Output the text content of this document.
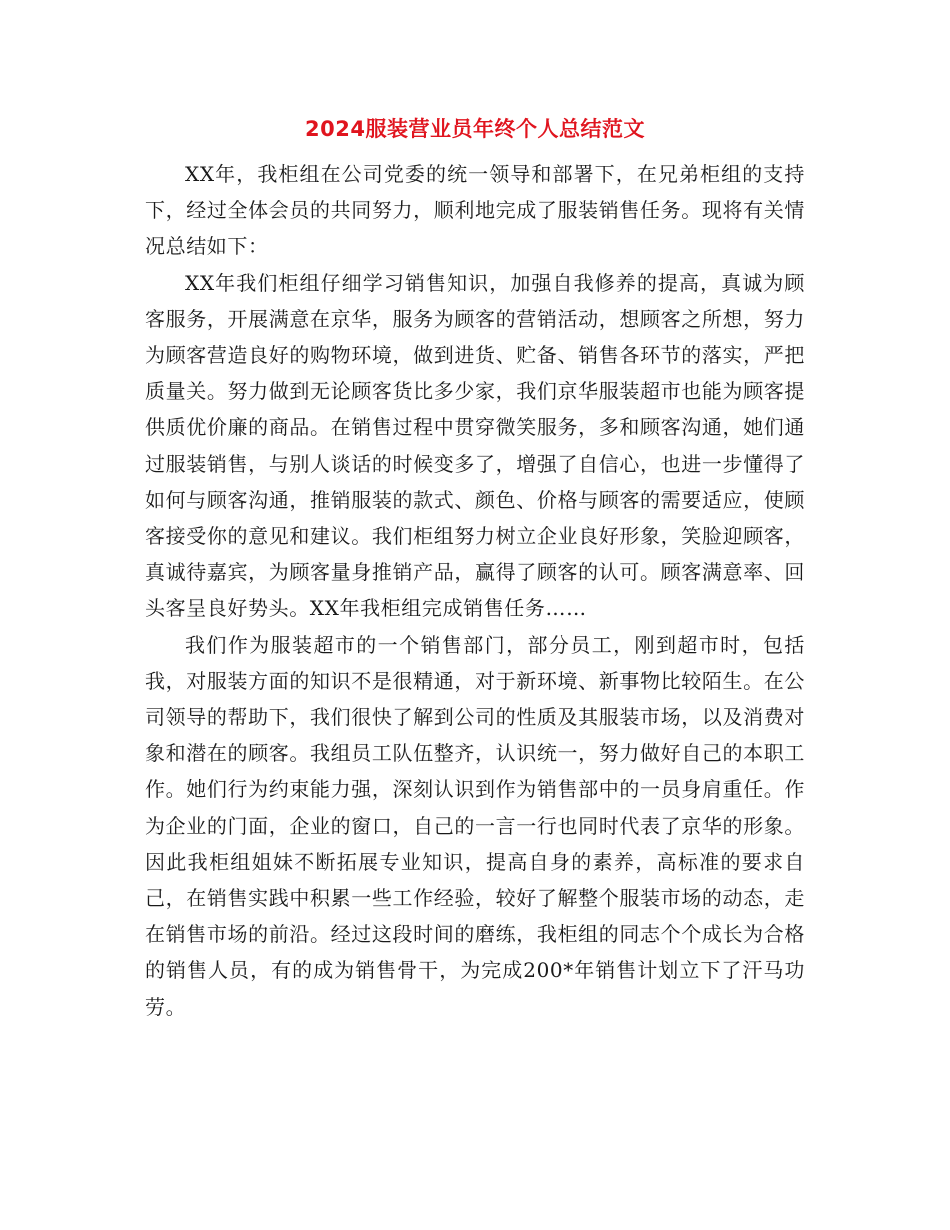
2024服装营业员年终个人总结范文

XX年，我柜组在公司党委的统一领导和部署下，在兄弟柜组的支持下，经过全体会员的共同努力，顺利地完成了服装销售任务。现将有关情况总结如下：

XX年我们柜组仔细学习销售知识，加强自我修养的提高，真诚为顾客服务，开展满意在京华，服务为顾客的营销活动，想顾客之所想，努力为顾客营造良好的购物环境，做到进货、贮备、销售各环节的落实，严把质量关。努力做到无论顾客货比多少家，我们京华服装超市也能为顾客提供质优价廉的商品。在销售过程中贯穿微笑服务，多和顾客沟通，她们通过服装销售，与别人谈话的时候变多了，增强了自信心，也进一步懂得了如何与顾客沟通，推销服装的款式、颜色、价格与顾客的需要适应，使顾客接受你的意见和建议。我们柜组努力树立企业良好形象，笑脸迎顾客，真诚待嘉宾，为顾客量身推销产品，赢得了顾客的认可。顾客满意率、回头客呈良好势头。XX年我柜组完成销售任务……

我们作为服装超市的一个销售部门，部分员工，刚到超市时，包括我，对服装方面的知识不是很精通，对于新环境、新事物比较陌生。在公司领导的帮助下，我们很快了解到公司的性质及其服装市场，以及消费对象和潜在的顾客。我组员工队伍整齐，认识统一，努力做好自己的本职工作。她们行为约束能力强，深刻认识到作为销售部中的一员身肩重任。作为企业的门面，企业的窗口，自己的一言一行也同时代表了京华的形象。因此我柜组姐妹不断拓展专业知识，提高自身的素养，高标准的要求自己，在销售实践中积累一些工作经验，较好了解整个服装市场的动态，走在销售市场的前沿。经过这段时间的磨练，我柜组的同志个个成长为合格的销售人员，有的成为销售骨干，为完成200*年销售计划立下了汗马功劳。
